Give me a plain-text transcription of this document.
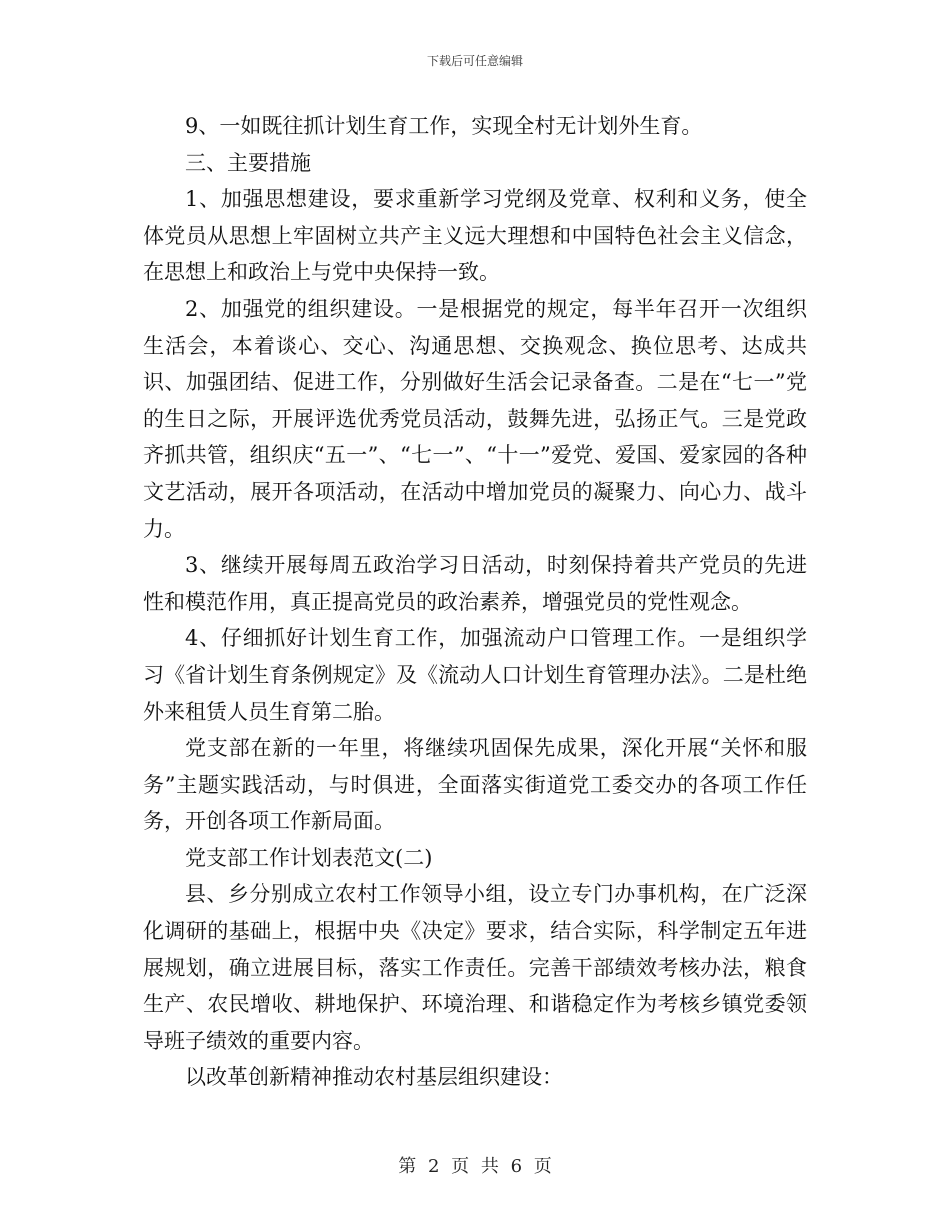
下载后可任意编辑

9、一如既往抓计划生育工作，实现全村无计划外生育。

三、主要措施

1、加强思想建设，要求重新学习党纲及党章、权利和义务，使全体党员从思想上牢固树立共产主义远大理想和中国特色社会主义信念，在思想上和政治上与党中央保持一致。

2、加强党的组织建设。一是根据党的规定，每半年召开一次组织生活会，本着谈心、交心、沟通思想、交换观念、换位思考、达成共识、加强团结、促进工作，分别做好生活会记录备查。二是在“七一”党的生日之际，开展评选优秀党员活动，鼓舞先进，弘扬正气。三是党政齐抓共管，组织庆“五一”、“七一”、“十一”爱党、爱国、爱家园的各种文艺活动，展开各项活动，在活动中增加党员的凝聚力、向心力、战斗力。

3、继续开展每周五政治学习日活动，时刻保持着共产党员的先进性和模范作用，真正提高党员的政治素养，增强党员的党性观念。

4、仔细抓好计划生育工作，加强流动户口管理工作。一是组织学习《省计划生育条例规定》及《流动人口计划生育管理办法》。二是杜绝外来租赁人员生育第二胎。

党支部在新的一年里，将继续巩固保先成果，深化开展“关怀和服务”主题实践活动，与时俱进，全面落实街道党工委交办的各项工作任务，开创各项工作新局面。

党支部工作计划表范文(二)

县、乡分别成立农村工作领导小组，设立专门办事机构，在广泛深化调研的基础上，根据中央《决定》要求，结合实际，科学制定五年进展规划，确立进展目标，落实工作责任。完善干部绩效考核办法，粮食生产、农民增收、耕地保护、环境治理、和谐稳定作为考核乡镇党委领导班子绩效的重要内容。

以改革创新精神推动农村基层组织建设：

第 2 页 共 6 页
